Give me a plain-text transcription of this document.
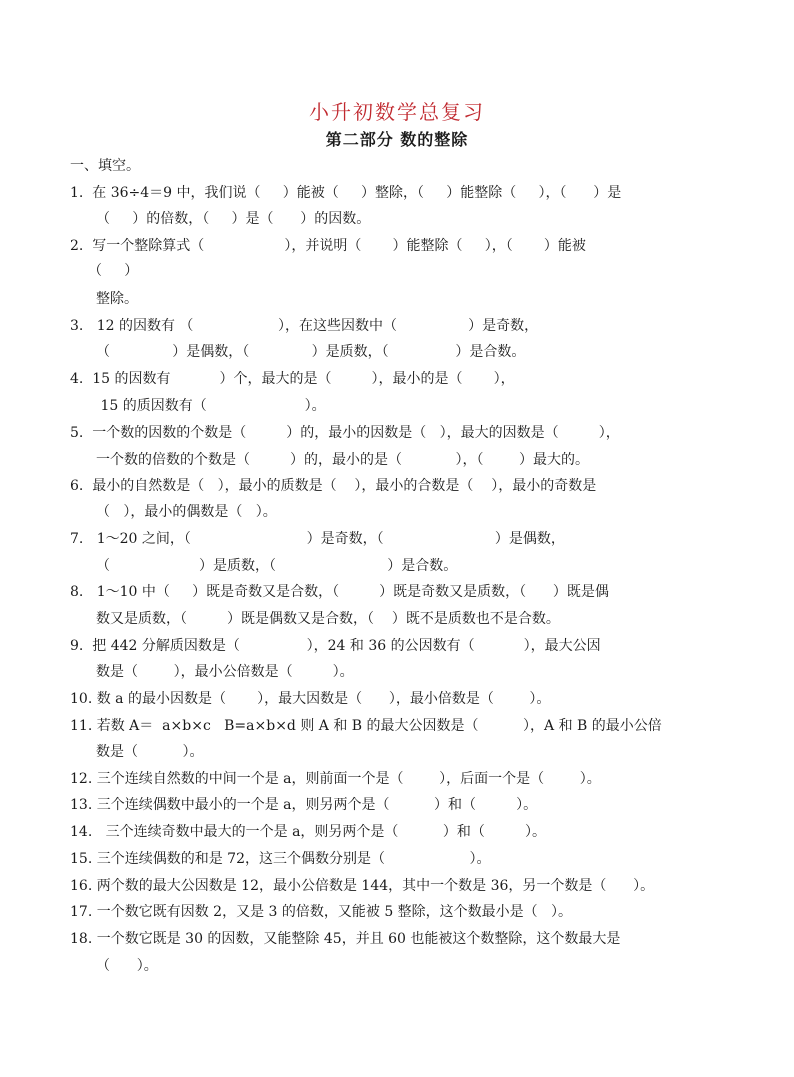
小升初数学总复习
第二部分 数的整除
一、填空。
1.  在 36÷4＝9 中，我们说（     ）能被（     ）整除，（     ）能整除（     ），（      ）是
（     ）的倍数，（     ）是（      ）的因数。
2.  写一个整除算式（                  ），并说明（       ）能整除（     ），（       ）能被
（     ）
整除。
3.   12 的因数有 （                   ），在这些因数中（                ）是奇数，
（              ）是偶数，（              ）是质数，（               ）是合数。
4.  15 的因数有           ）个，最大的是（         ），最小的是（       ），
15 的质因数有（                      ）。
5.  一个数的因数的个数是（         ）的，最小的因数是（   ），最大的因数是（         ），
一个数的倍数的个数是（         ）的，最小的是（            ），（        ）最大的。
6.  最小的自然数是（   ），最小的质数是（    ），最小的合数是（    ），最小的奇数是
（   ），最小的偶数是（   ）。
7.   1～20 之间，（                          ）是奇数，（                         ）是偶数，
（                    ）是质数，（                         ）是合数。
8.   1～10 中（     ）既是奇数又是合数，（         ）既是奇数又是质数，（      ）既是偶
数又是质数，（         ）既是偶数又是合数，（    ）既不是质数也不是合数。
9.  把 442 分解质因数是（               ），24 和 36 的公因数有（           ），最大公因
数是（        ），最小公倍数是（         ）。
10. 数 a 的最小因数是（       ），最大因数是（      ），最小倍数是（        ）。
11. 若数 A＝  a×b×c   B=a×b×d 则 A 和 B 的最大公因数是（          ），A 和 B 的最小公倍
数是（          ）。
12. 三个连续自然数的中间一个是 a，则前面一个是（        ），后面一个是（        ）。
13. 三个连续偶数中最小的一个是 a，则另两个是（          ）和（         ）。
14.   三个连续奇数中最大的一个是 a，则另两个是（          ）和（         ）。
15. 三个连续偶数的和是 72，这三个偶数分别是（                   ）。
16. 两个数的最大公因数是 12，最小公倍数是 144，其中一个数是 36，另一个数是（      ）。
17. 一个数它既有因数 2，又是 3 的倍数，又能被 5 整除，这个数最小是（   ）。
18. 一个数它既是 30 的因数，又能整除 45，并且 60 也能被这个数整除，这个数最大是
（      ）。
